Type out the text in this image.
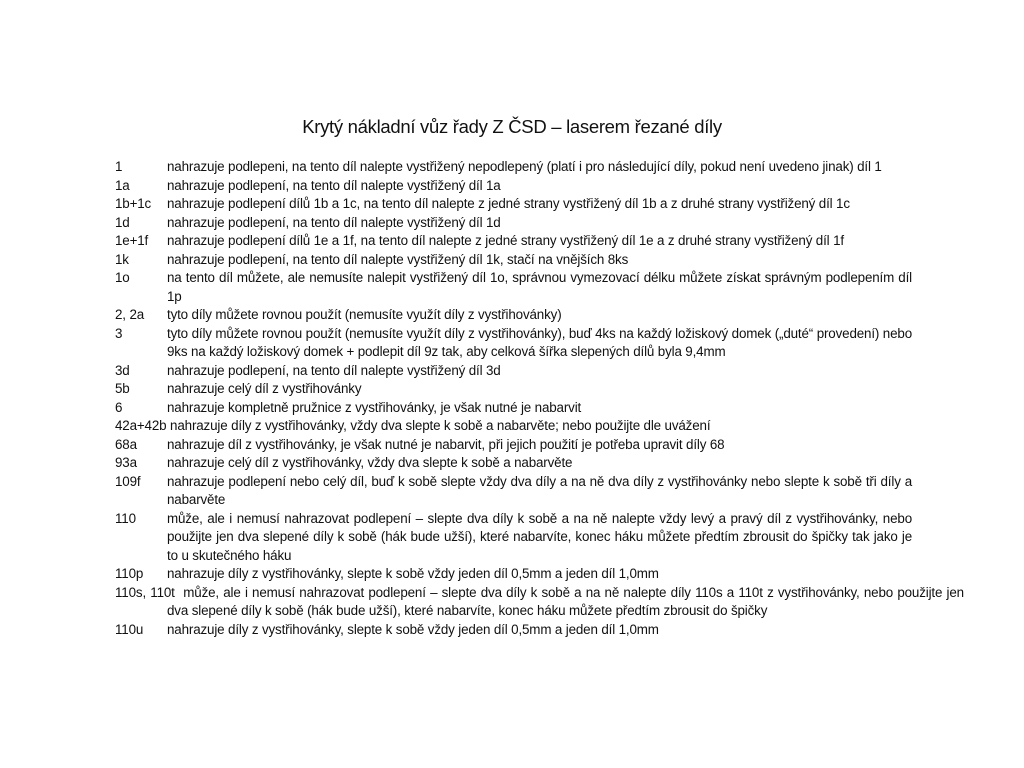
Krytý nákladní vůz řady Z ČSD – laserem řezané díly
1	nahrazuje podlepeni, na tento díl nalepte vystřižený nepodlepený (platí i pro následující díly, pokud není uvedeno jinak) díl 1
1a	nahrazuje podlepení, na tento díl nalepte vystřižený díl 1a
1b+1c nahrazuje podlepení dílů 1b a 1c, na tento díl nalepte z jedné strany vystřižený díl 1b a z druhé strany vystřižený díl 1c
1d	nahrazuje podlepení, na tento díl nalepte vystřižený díl 1d
1e+1f nahrazuje podlepení dílů 1e a 1f, na tento díl nalepte z jedné strany vystřižený díl 1e a z druhé strany vystřižený díl 1f
1k	nahrazuje podlepení, na tento díl nalepte vystřižený díl 1k, stačí na vnějších 8ks
1o	na tento díl můžete, ale nemusíte nalepit vystřižený díl 1o, správnou vymezovací délku můžete získat správným podlepením díl 1p
2, 2a tyto díly můžete rovnou použít (nemusíte využít díly z vystřihovánky)
3	tyto díly můžete rovnou použít (nemusíte využít díly z vystřihovánky), buď 4ks na každý ložiskový domek („duté“ provedení) nebo 9ks na každý ložiskový domek + podlepit díl 9z tak, aby celková šířka slepených dílů byla 9,4mm
3d	nahrazuje podlepení, na tento díl nalepte vystřižený díl 3d
5b	nahrazuje celý díl z vystřihovánky
6	nahrazuje kompletně pružnice z vystřihovánky, je však nutné je nabarvit
42a+42b nahrazuje díly z vystřihovánky, vždy dva slepte k sobě a nabarvěte; nebo použijte dle uvážení
68a nahrazuje díl z vystřihovánky, je však nutné je nabarvit, při jejich použití je potřeba upravit díly 68
93a nahrazuje celý díl z vystřihovánky, vždy dva slepte k sobě a nabarvěte
109f nahrazuje podlepení nebo celý díl, buď k sobě slepte vždy dva díly a na ně dva díly z vystřihovánky nebo slepte k sobě tři díly a nabarvěte
110 může, ale i nemusí nahrazovat podlepení – slepte dva díly k sobě a na ně nalepte vždy levý a pravý díl z vystřihovánky, nebo použijte jen dva slepené díly k sobě (hák bude užší), které nabarvíte, konec háku můžete předtím zbrousit do špičky tak jako je to u skutečného háku
110p nahrazuje díly z vystřihovánky, slepte k sobě vždy jeden díl 0,5mm a jeden díl 1,0mm
110s, 110t může, ale i nemusí nahrazovat podlepení – slepte dva díly k sobě a na ně nalepte díly 110s a 110t z vystřihovánky, nebo použijte jen dva slepené díly k sobě (hák bude užší), které nabarvíte, konec háku můžete předtím zbrousit do špičky
110u nahrazuje díly z vystřihovánky, slepte k sobě vždy jeden díl 0,5mm a jeden díl 1,0mm
